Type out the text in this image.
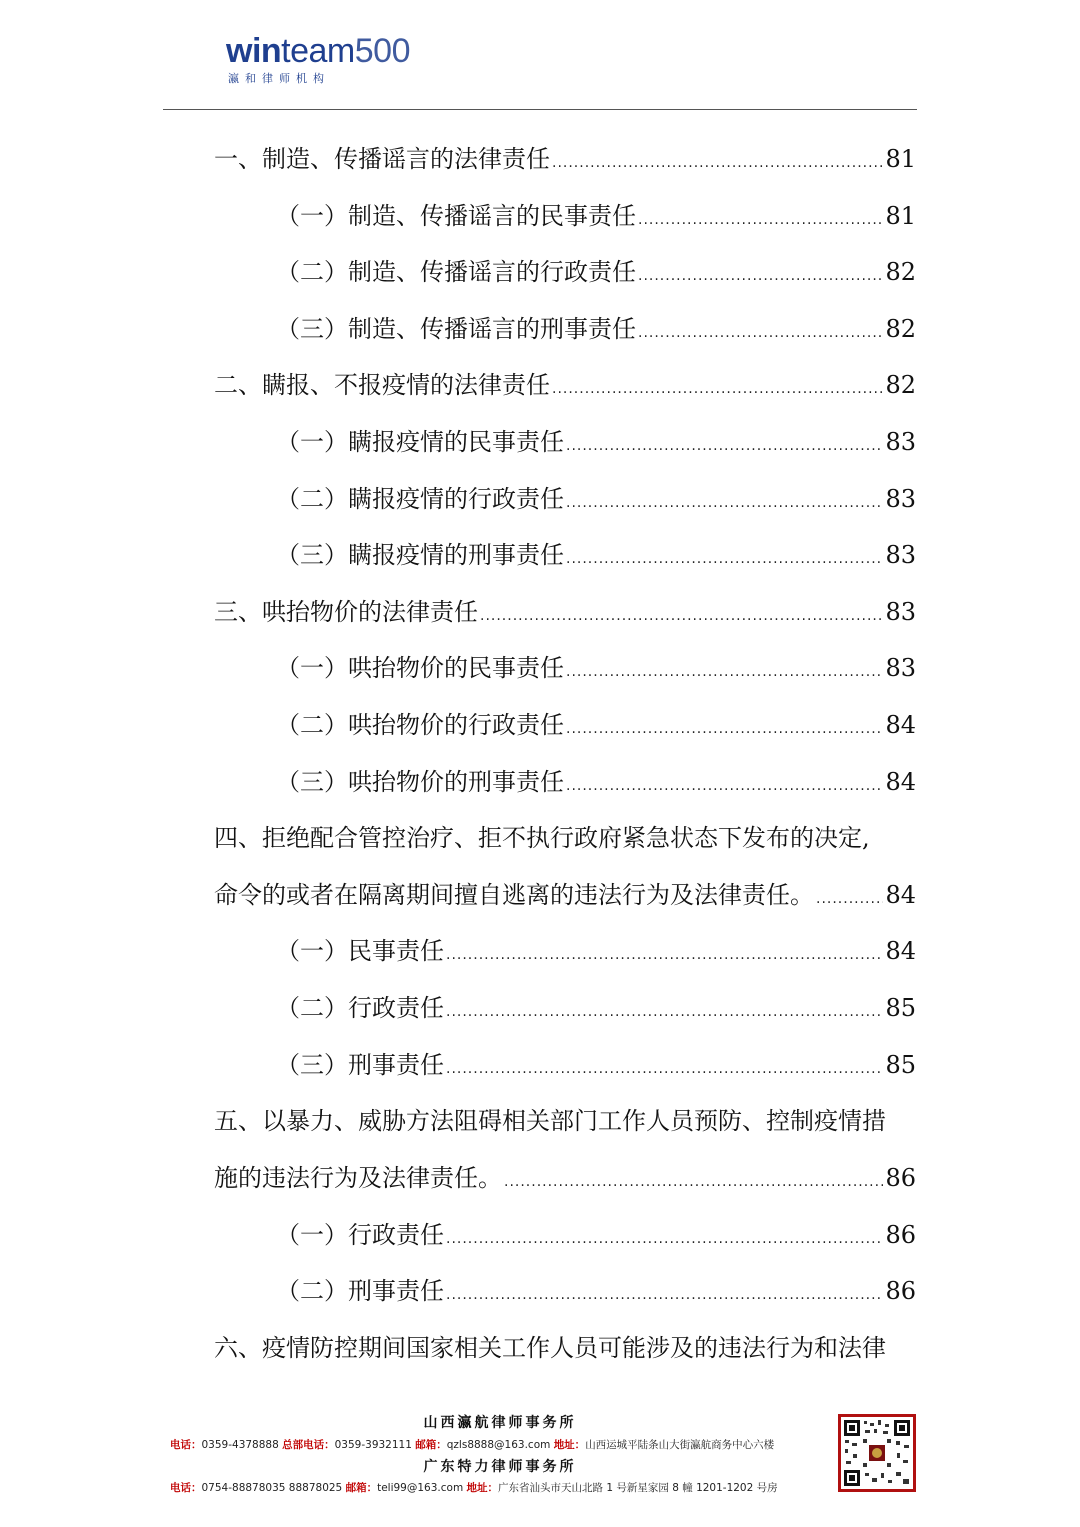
winteam500
瀛和律师机构
一、制造、传播谣言的法律责任 .....	81
（一）制造、传播谣言的民事责任 .....	81
（二）制造、传播谣言的行政责任 .....	82
（三）制造、传播谣言的刑事责任 .....	82
二、瞒报、不报疫情的法律责任 .....	82
（一）瞒报疫情的民事责任 .....	83
（二）瞒报疫情的行政责任 .....	83
（三）瞒报疫情的刑事责任 .....	83
三、哄抬物价的法律责任 .....	83
（一）哄抬物价的民事责任 .....	83
（二）哄抬物价的行政责任 .....	84
（三）哄抬物价的刑事责任 .....	84
四、拒绝配合管控治疗、拒不执行政府紧急状态下发布的决定,
命令的或者在隔离期间擅自逃离的违法行为及法律责任。 .....	84
（一）民事责任 .....	84
（二）行政责任 .....	85
（三）刑事责任 .....	85
五、以暴力、威胁方法阻碍相关部门工作人员预防、控制疫情措
施的违法行为及法律责任。 .....	86
（一）行政责任 .....	86
（二）刑事责任 .....	86
六、疫情防控期间国家相关工作人员可能涉及的违法行为和法律
山西瀛航律师事务所
电话：0359-4378888 总部电话：0359-3932111 邮箱：qzls8888@163.com 地址：山西运城平陆条山大街瀛航商务中心六楼
广东特力律师事务所
电话：0754-88878035 88878025 邮箱：teli99@163.com 地址：广东省汕头市天山北路 1 号新星家园 8 幢 1201-1202 号房
